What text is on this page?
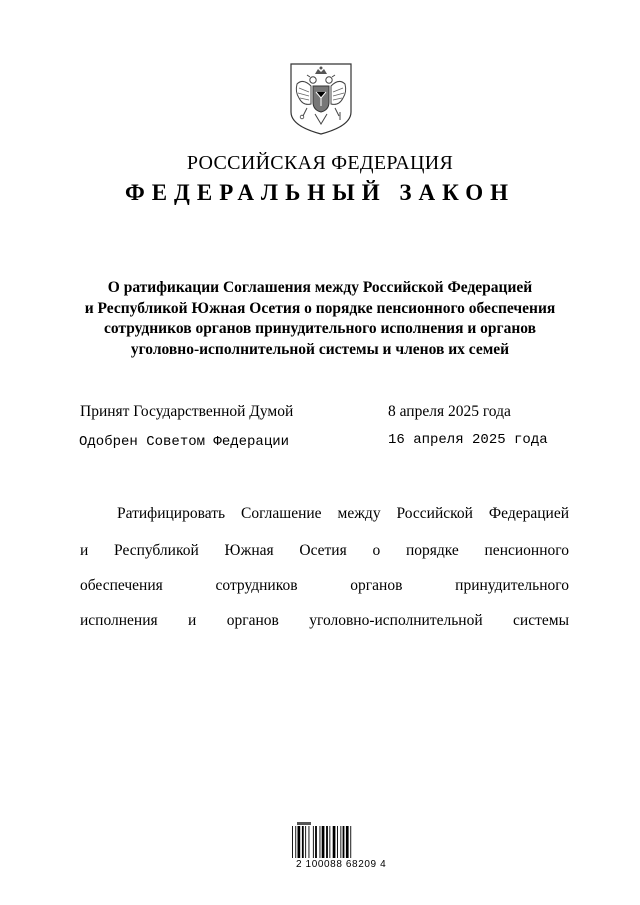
РОССИЙСКАЯ ФЕДЕРАЦИЯ
ФЕДЕРАЛЬНЫЙ ЗАКОН
О ратификации Соглашения между Российской Федерацией
и Республикой Южная Осетия о порядке пенсионного обеспечения
сотрудников органов принудительного исполнения и органов
уголовно-исполнительной системы и членов их семей
Принят Государственной Думой	8 апреля 2025 года
Одобрен Советом Федерации	16 апреля 2025 года
Ратифицировать Соглашение между Российской Федерацией
и Республикой Южная Осетия о порядке пенсионного
обеспечения	сотрудников	органов	принудительного
исполнения и органов уголовно-исполнительной системы
2 100088 68209 4
